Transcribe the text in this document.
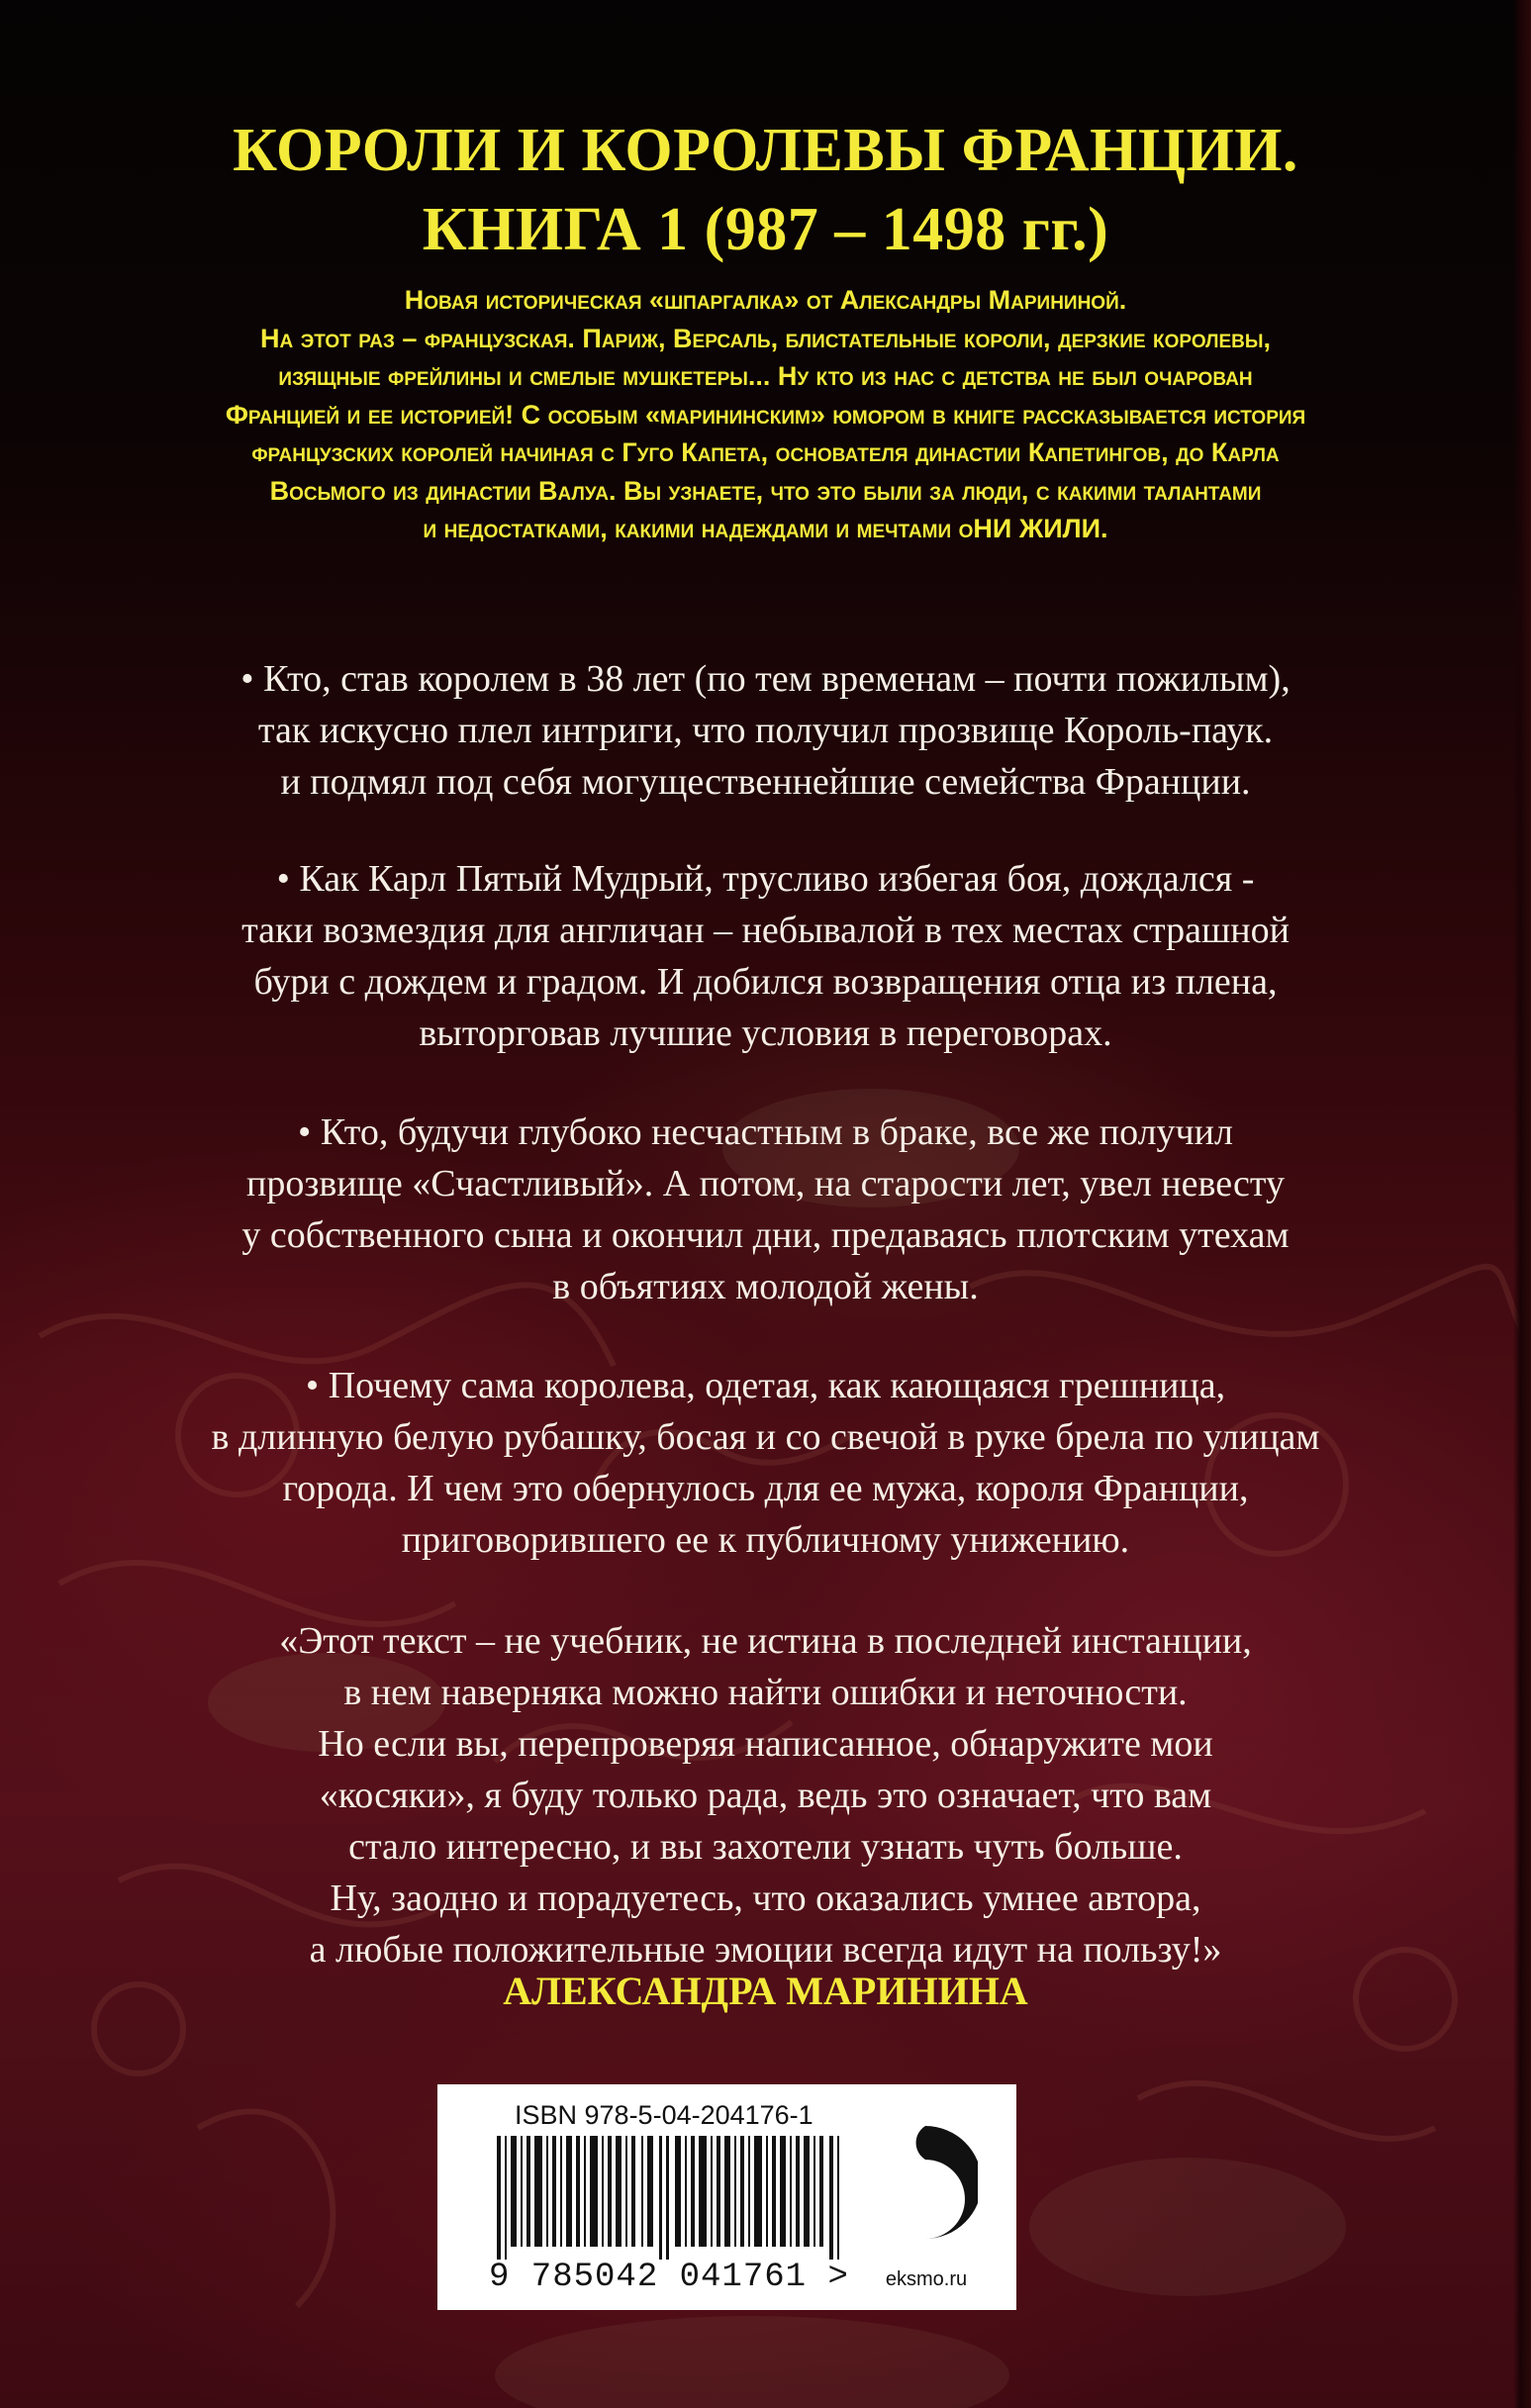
КОРОЛИ И КОРОЛЕВЫ ФРАНЦИИ.
КНИГА 1 (987 – 1498 гг.)

Новая историческая «шпаргалка» от Александры Марининой.
На этот раз – французская. Париж, Версаль, блистательные короли, дерзкие королевы,
изящные фрейлины и смелые мушкетеры... Ну кто из нас с детства не был очарован
Францией и ее историей! С особым «марининским» юмором в книге рассказывается история
французских королей начиная с Гуго Капета, основателя династии Капетингов, до Карла
Восьмого из династии Валуа. Вы узнаете, что это были за люди, с какими талантами
и недостатками, какими надеждами и мечтами оНИ ЖИЛИ.

• Кто, став королем в 38 лет (по тем временам – почти пожилым),
так искусно плел интриги, что получил прозвище Король-паук.
и подмял под себя могущественнейшие семейства Франции.

• Как Карл Пятый Мудрый, трусливо избегая боя, дождался -
таки возмездия для англичан – небывалой в тех местах страшной
бури с дождем и градом. И добился возвращения отца из плена,
выторговав лучшие условия в переговорах.

• Кто, будучи глубоко несчастным в браке, все же получил
прозвище «Счастливый». А потом, на старости лет, увел невесту
у собственного сына и окончил дни, предаваясь плотским утехам
в объятиях молодой жены.

• Почему сама королева, одетая, как кающаяся грешница,
в длинную белую рубашку, босая и со свечой в руке брела по улицам
города. И чем это обернулось для ее мужа, короля Франции,
приговорившего ее к публичному унижению.

«Этот текст – не учебник, не истина в последней инстанции,
в нем наверняка можно найти ошибки и неточности.
Но если вы, перепроверяя написанное, обнаружите мои
«косяки», я буду только рада, ведь это означает, что вам
стало интересно, и вы захотели узнать чуть больше.
Ну, заодно и порадуетесь, что оказались умнее автора,
а любые положительные эмоции всегда идут на пользу!»

АЛЕКСАНДРА МАРИНИНА

ISBN 978-5-04-204176-1

9 785042 041761 >	eksmo.ru
